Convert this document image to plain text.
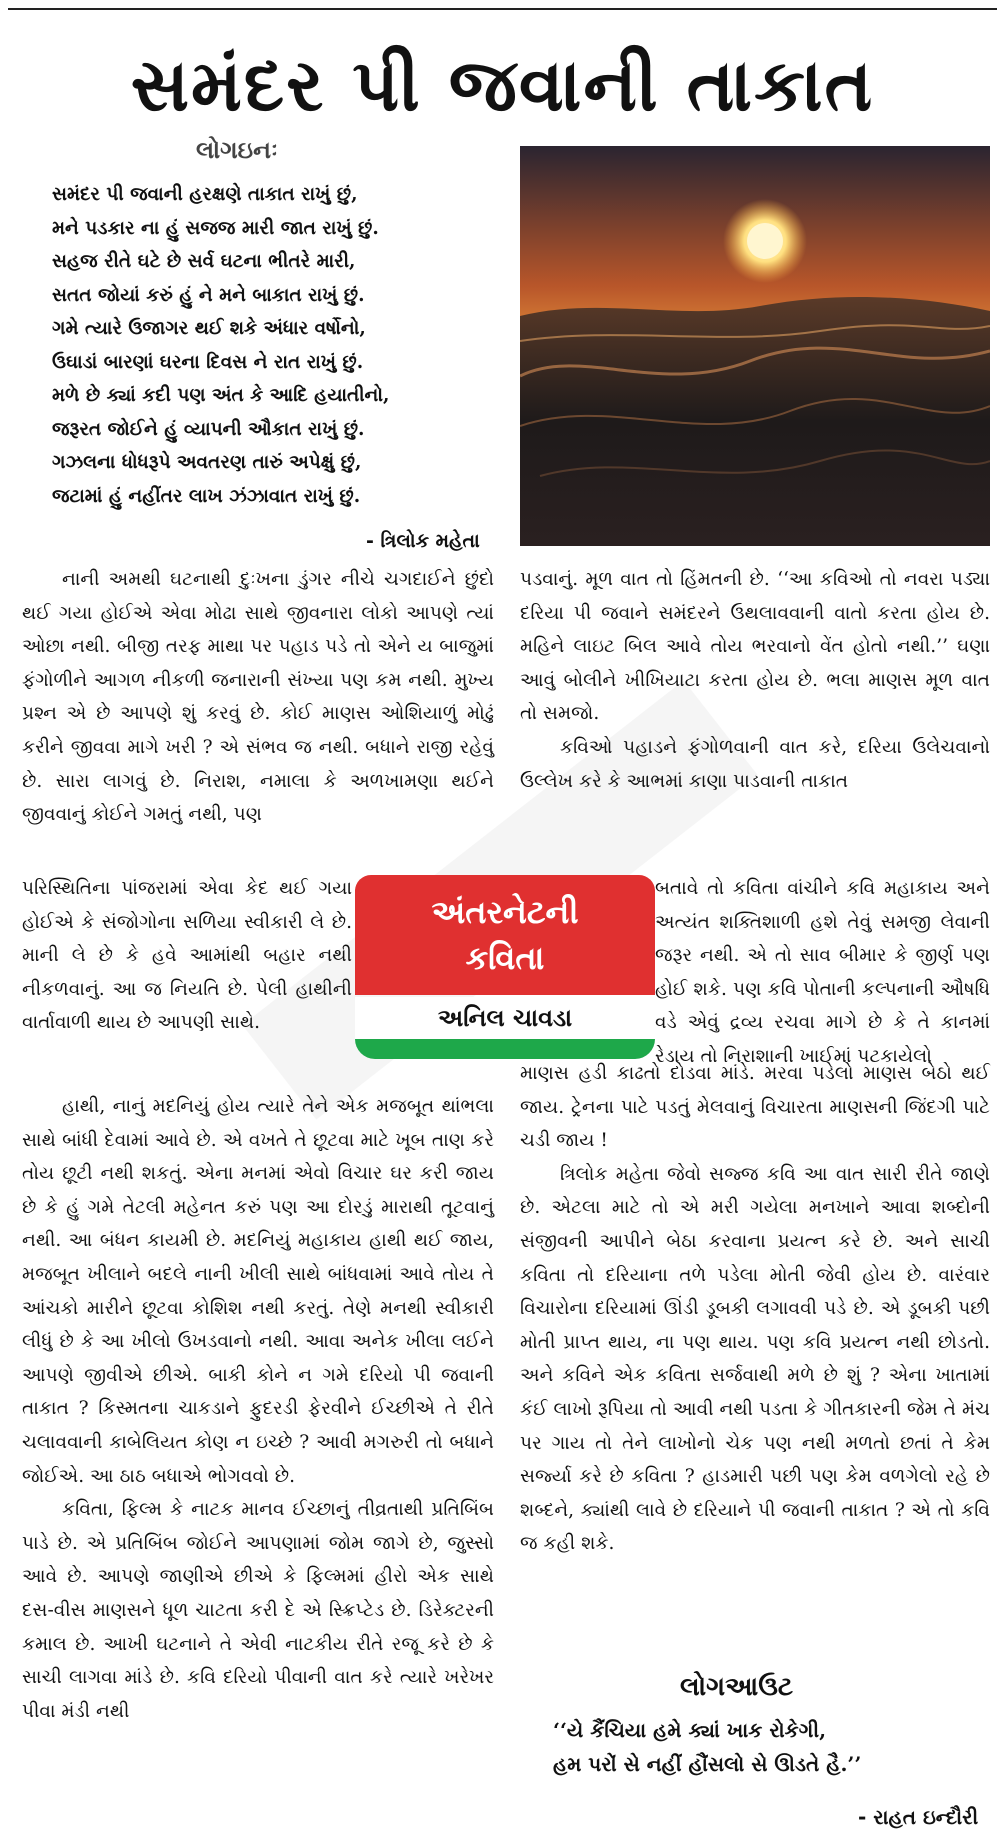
સમંદર પી જવાની તાકાત
લોગઇનઃ
સમંદર પી જવાની હરક્ષણે તાકાત રાખું છું,
મને પડકાર ના હું સજજ મારી જાત રાખું છું.
સહજ રીતે ઘટે છે સર્વ ઘટના ભીતરે મારી,
સતત જોયાં કરું હું ને મને બાકાત રાખું છું.
ગમે ત્યારે ઉજાગર થઈ શકે અંધાર વર્ષોનો,
ઉઘાડાં બારણાં ઘરના દિવસ ને રાત રાખું છું.
મળે છે ક્યાં કદી પણ અંત કે આદિ હયાતીનો,
જરૂરત જોઈને હું વ્યાપની ઔકાત રાખું છું.
ગઝલના ધોધરૂપે અવતરણ તારું અપેક્ષું છું,
જટામાં હું નહીંતર લાખ ઝંઝાવાત રાખું છું.
- ત્રિલોક મહેતા

નાની અમથી ઘટનાથી દુઃખના ડુંગર નીચે ચગદાઈને છુંદો થઈ ગયા હોઈએ એવા મોઢા સાથે જીવનારા લોકો આપણે ત્યાં ઓછા નથી. બીજી તરફ માથા પર પહાડ પડે તો એને ય બાજુમાં ફંગોળીને આગળ નીકળી જનારાની સંખ્યા પણ કમ નથી. મુખ્ય પ્રશ્ન એ છે આપણે શું કરવું છે. કોઈ માણસ ઓશિયાળું મોઢું કરીને જીવવા માગે ખરી ? એ સંભવ જ નથી. બધાને રાજી રહેવું છે. સારા લાગવું છે. નિરાશ, નમાલા કે અળખામણા થઈને જીવવાનું કોઈને ગમતું નથી, પણ

પરિસ્થિતિના પાંજરામાં એવા કેદ થઈ ગયા હોઈએ કે સંજોગોના સળિયા સ્વીકારી લે છે. માની લે છે કે હવે આમાંથી બહાર નથી નીકળવાનું. આ જ નિયતિ છે. પેલી હાથીની વાર્તાવાળી થાય છે આપણી સાથે.

હાથી, નાનું મદનિયું હોય ત્યારે તેને એક મજબૂત થાંભલા સાથે બાંધી દેવામાં આવે છે. એ વખતે તે છૂટવા માટે ખૂબ તાણ કરે તોય છૂટી નથી શકતું. એના મનમાં એવો વિચાર ઘર કરી જાય છે કે હું ગમે તેટલી મહેનત કરું પણ આ દોરડું મારાથી તૂટવાનું નથી. આ બંધન કાયમી છે. મદનિયું મહાકાય હાથી થઈ જાય, મજબૂત ખીલાને બદલે નાની ખીલી સાથે બાંધવામાં આવે તોય તે આંચકો મારીને છૂટવા કોશિશ નથી કરતું. તેણે મનથી સ્વીકારી લીધું છે કે આ ખીલો ઉખડવાનો નથી. આવા અનેક ખીલા લઈને આપણે જીવીએ છીએ. બાકી કોને ન ગમે દરિયો પી જવાની તાકાત ? કિસ્મતના ચાકડાને ફુદરડી ફેરવીને ઈચ્છીએ તે રીતે ચલાવવાની કાબેલિયત કોણ ન ઇચ્છે ? આવી મગરુરી તો બધાને જોઈએ. આ ઠાઠ બધાએ ભોગવવો છે.

કવિતા, ફિલ્મ કે નાટક માનવ ઈચ્છાનું તીવ્રતાથી પ્રતિબિંબ પાડે છે. એ પ્રતિબિંબ જોઈને આપણામાં જોમ જાગે છે, જુસ્સો આવે છે. આપણે જાણીએ છીએ કે ફિલ્મમાં હીરો એક સાથે દસ-વીસ માણસને ધૂળ ચાટતા કરી દે એ સ્ક્રિપ્ટેડ છે. ડિરેક્ટરની કમાલ છે. આખી ઘટનાને તે એવી નાટકીય રીતે રજૂ કરે છે કે સાચી લાગવા માંડે છે. કવિ દરિયો પીવાની વાત કરે ત્યારે ખરેખર પીવા મંડી નથી

પડવાનું. મૂળ વાત તો હિંમતની છે. ‘‘આ કવિઓ તો નવરા પડ્યા દરિયા પી જવાને સમંદરને ઉથલાવવાની વાતો કરતા હોય છે. મહિને લાઇટ બિલ આવે તોય ભરવાનો વેંત હોતો નથી.’’ ઘણા આવું બોલીને ખીખિયાટા કરતા હોય છે. ભલા માણસ મૂળ વાત તો સમજો.

કવિઓ પહાડને ફંગોળવાની વાત કરે, દરિયા ઉલેચવાનો ઉલ્લેખ કરે કે આભમાં કાણા પાડવાની તાકાત

બતાવે તો કવિતા વાંચીને કવિ મહાકાય અને અત્યંત શક્તિશાળી હશે તેવું સમજી લેવાની જરૂર નથી. એ તો સાવ બીમાર કે જીર્ણ પણ હોઈ શકે. પણ કવિ પોતાની કલ્પનાની ઔષધિ વડે એવું દ્રવ્ય રચવા માગે છે કે તે કાનમાં રેડાય તો નિરાશાની ખાઈમાં પટકાયેલો

માણસ હડી કાઢતો દોડવા માંડે. મરવા પડેલો માણસ બેઠો થઈ જાય. ટ્રેનના પાટે પડતું મેલવાનું વિચારતા માણસની જિંદગી પાટે ચડી જાય !

ત્રિલોક મહેતા જેવો સજ્જ કવિ આ વાત સારી રીતે જાણે છે. એટલા માટે તો એ મરી ગયેલા મનખાને આવા શબ્દોની સંજીવની આપીને બેઠા કરવાના પ્રયત્ન કરે છે. અને સાચી કવિતા તો દરિયાના તળે પડેલા મોતી જેવી હોય છે. વારંવાર વિચારોના દરિયામાં ઊંડી ડૂબકી લગાવવી પડે છે. એ ડૂબકી પછી મોતી પ્રાપ્ત થાય, ના પણ થાય. પણ કવિ પ્રયત્ન નથી છોડતો. અને કવિને એક કવિતા સર્જવાથી મળે છે શું ? એના ખાતામાં કંઈ લાખો રૂપિયા તો આવી નથી પડતા કે ગીતકારની જેમ તે મંચ પર ગાય તો તેને લાખોનો ચેક પણ નથી મળતો છતાં તે કેમ સર્જ્યા કરે છે કવિતા ? હાડમારી પછી પણ કેમ વળગેલો રહે છે શબ્દને, ક્યાંથી લાવે છે દરિયાને પી જવાની તાકાત ? એ તો કવિ જ કહી શકે.

અંતરનેટની
કવિતા
અનિલ ચાવડા
લોગઆઉટ
‘‘યે કૈંચિયા હમે ક્યાં ખાક રોકેગી,
હમ પરોં સે નહીં હૌંસલો સે ઊડતે હૈ.’’
- રાહત ઇન્દૌરી
